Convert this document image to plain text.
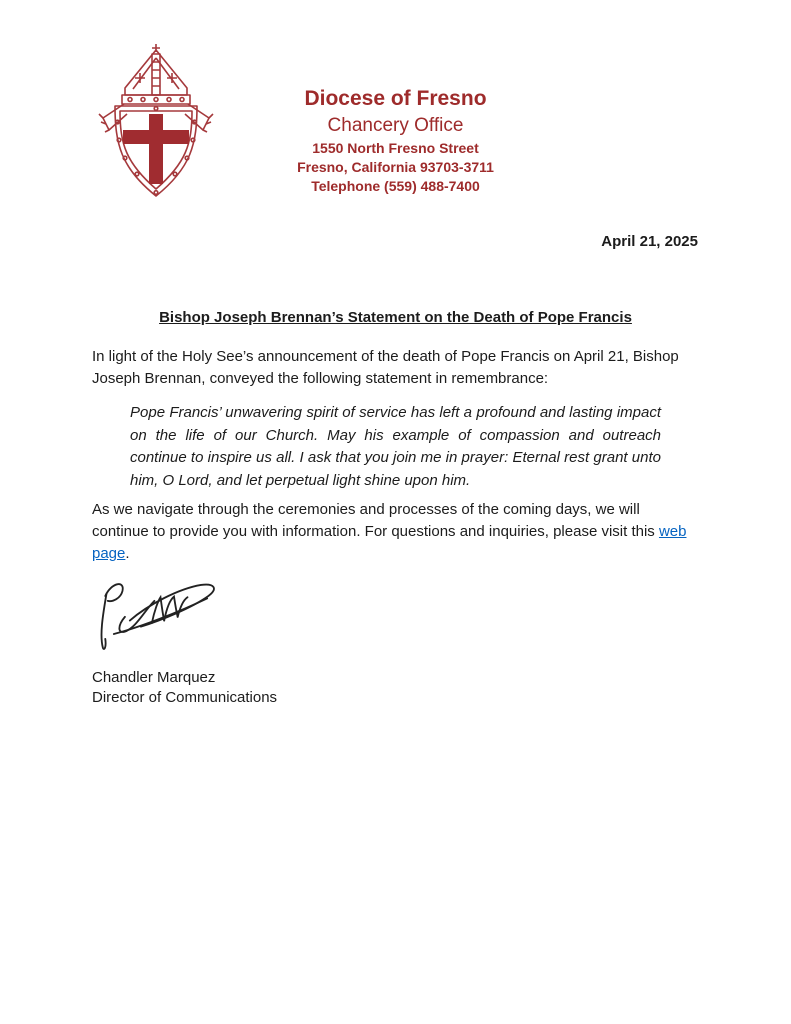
Diocese of Fresno
Chancery Office
1550 North Fresno Street
Fresno, California 93703-3711
Telephone (559) 488-7400
April 21, 2025
Bishop Joseph Brennan’s Statement on the Death of Pope Francis

In light of the Holy See’s announcement of the death of Pope Francis on April 21, Bishop Joseph Brennan, conveyed the following statement in remembrance:

Pope Francis’ unwavering spirit of service has left a profound and lasting impact on the life of our Church. May his example of compassion and outreach continue to inspire us all. I ask that you join me in prayer: Eternal rest grant unto him, O Lord, and let perpetual light shine upon him.

As we navigate through the ceremonies and processes of the coming days, we will continue to provide you with information. For questions and inquiries, please visit this web page.

Chandler Marquez
Director of Communications
